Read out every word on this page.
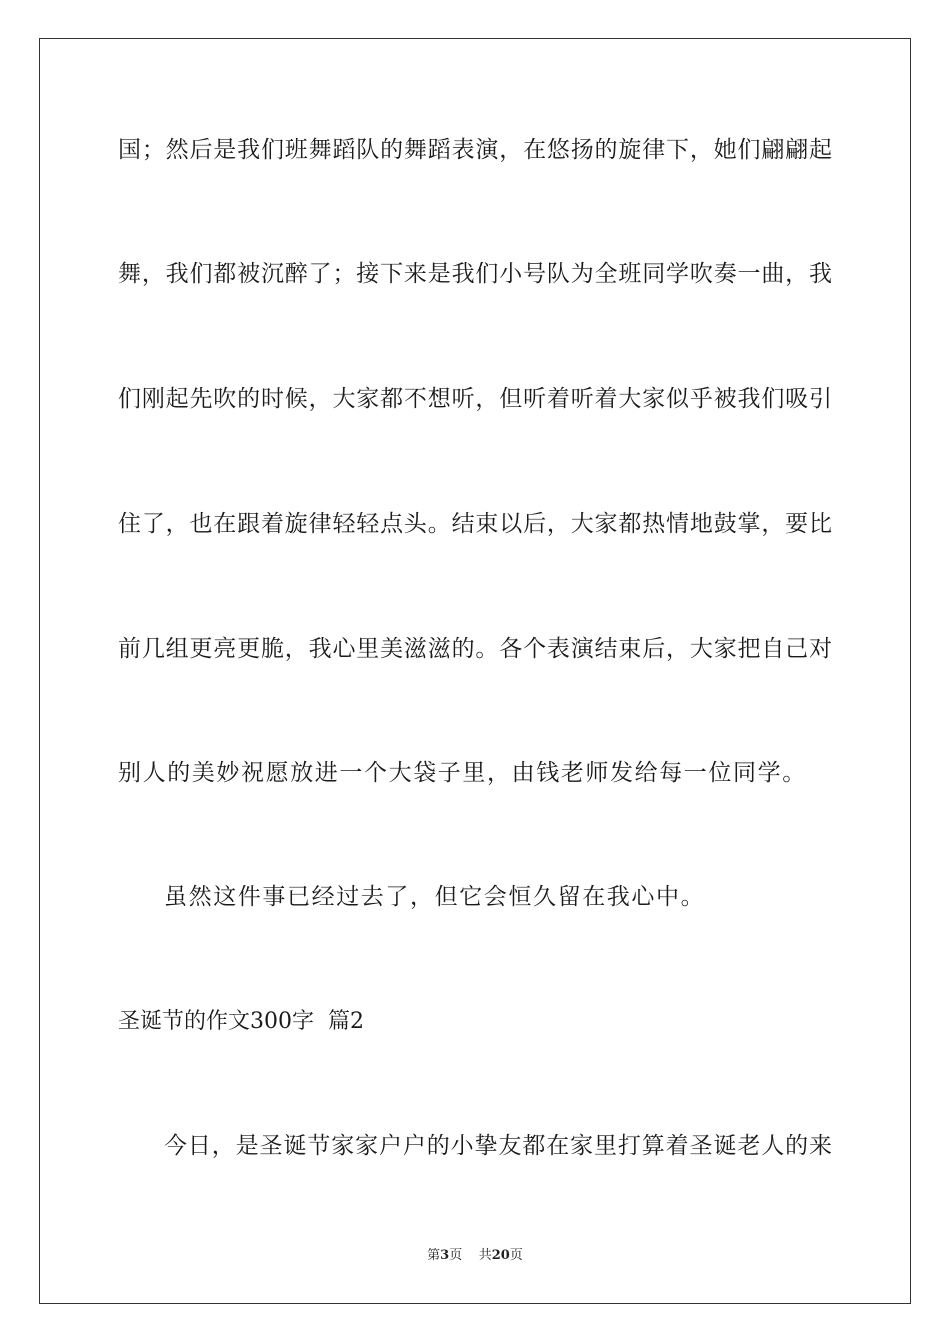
国；然后是我们班舞蹈队的舞蹈表演，在悠扬的旋律下，她们翩翩起
舞，我们都被沉醉了；接下来是我们小号队为全班同学吹奏一曲，我
们刚起先吹的时候，大家都不想听，但听着听着大家似乎被我们吸引
住了，也在跟着旋律轻轻点头。结束以后，大家都热情地鼓掌，要比
前几组更亮更脆，我心里美滋滋的。各个表演结束后，大家把自己对
别人的美妙祝愿放进一个大袋子里，由钱老师发给每一位同学。
虽然这件事已经过去了，但它会恒久留在我心中。
圣诞节的作文300字  篇2
今日，是圣诞节家家户户的小挚友都在家里打算着圣诞老人的来
第3页 共20页
